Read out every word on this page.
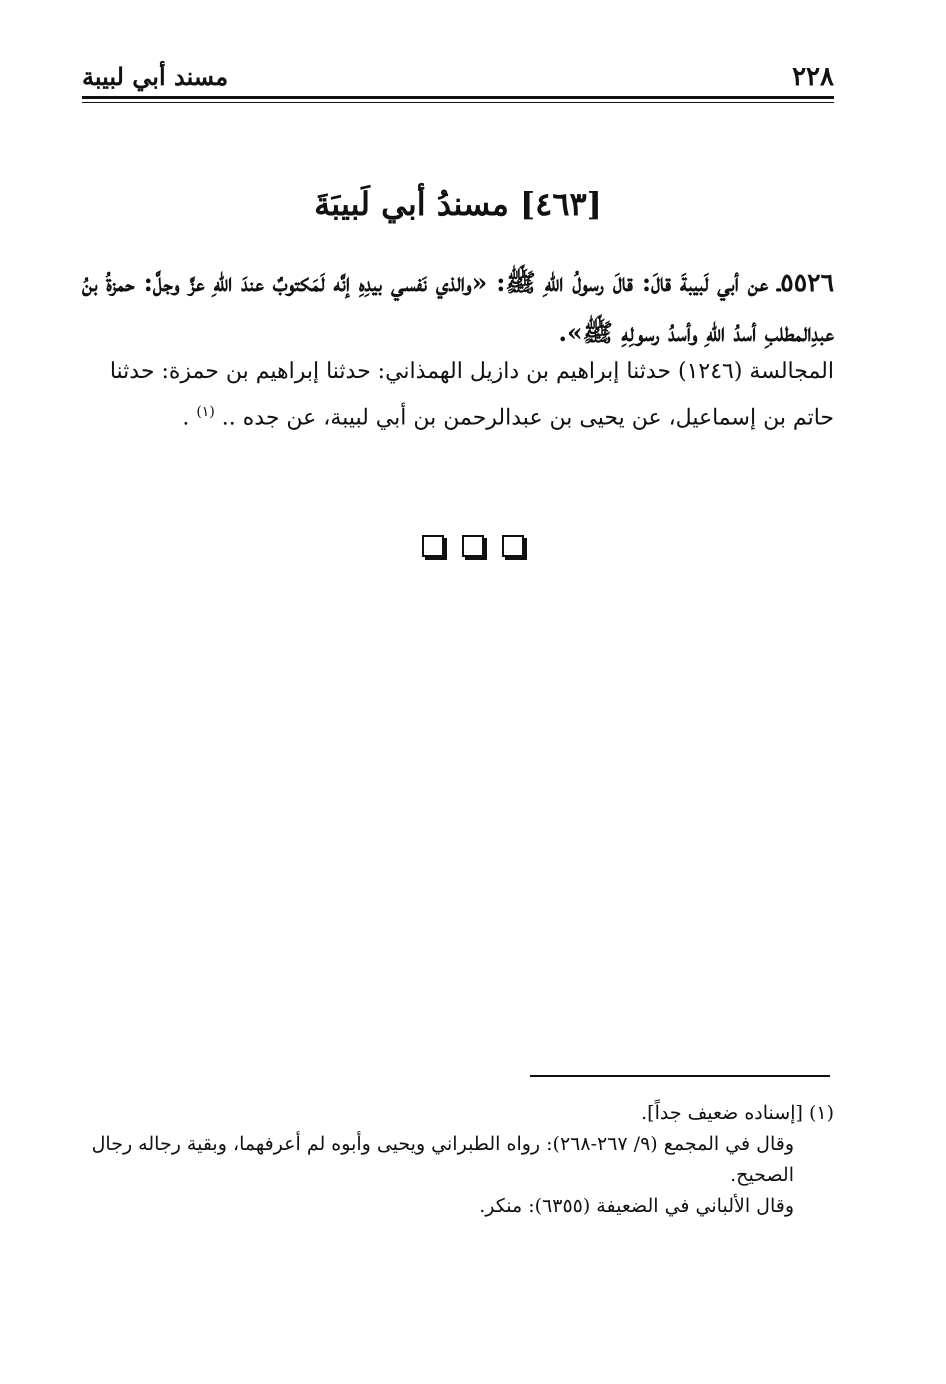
٢٢٨
مسند أبي لبيبة
[٤٦٣] مسندُ أبي لَبيبَةَ
٥٥٢٦ـ عن أبي لَبيبةَ قالَ: قالَ رسولُ اللهِ ﷺ: «والذي نَفسي بيدِهِ إنَّه لَمَكتوبٌ عندَ اللهِ عزَّ وجلَّ: حمزةُ بنُ عبدِالمطلبِ أسدُ اللهِ وأسدُ رسولِهِ ﷺ».
المجالسة (١٢٤٦) حدثنا إبراهيم بن دازيل الهمذاني: حدثنا إبراهيم بن حمزة: حدثنا حاتم بن إسماعيل، عن يحيى بن عبدالرحمن بن أبي لبيبة، عن جده .. $^{(١)}$ .

(١) [إسناده ضعيف جداً].

وقال في المجمع (٩/ ٢٦٧-٢٦٨): رواه الطبراني ويحيى وأبوه لم أعرفهما، وبقية رجاله رجال الصحيح.

وقال الألباني في الضعيفة (٦٣٥٥): منكر.
